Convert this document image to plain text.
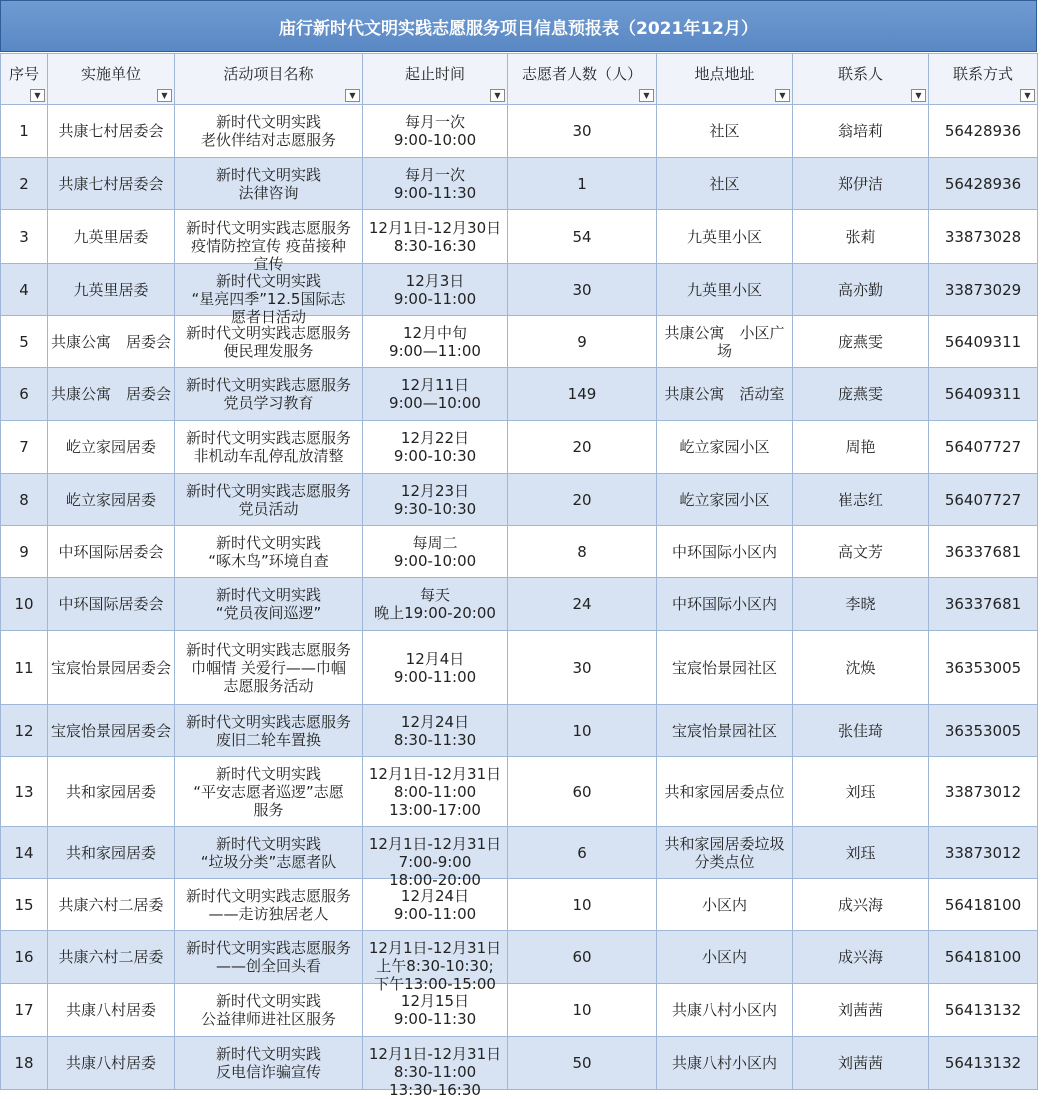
庙行新时代文明实践志愿服务项目信息预报表（2021年12月）
序号
▼	实施单位
▼	活动项目名称
▼	起止时间
▼	志愿者人数（人）
▼	地点地址
▼	联系人
▼	联系方式
▼

1	共康七村居委会	新时代文明实践
老伙伴结对志愿服务	每月一次
9:00-10:00	30	社区	翁培莉	56428936

2	共康七村居委会	新时代文明实践
法律咨询	每月一次
9:00-11:30	1	社区	郑伊洁	56428936

3	九英里居委	新时代文明实践志愿服务
疫情防控宣传 疫苗接种
宣传	12月1日-12月30日
8:30-16:30	54	九英里小区	张莉	33873028

4	九英里居委	新时代文明实践
“星亮四季”12.5国际志
愿者日活动	12月3日
9:00-11:00	30	九英里小区	高亦勤	33873029

5	共康公寓　居委会	新时代文明实践志愿服务
便民理发服务	12月中旬
9:00—11:00	9	共康公寓　小区广
场	庞燕雯	56409311

6	共康公寓　居委会	新时代文明实践志愿服务
党员学习教育	12月11日
9:00—10:00	149	共康公寓　活动室	庞燕雯	56409311

7	屹立家园居委	新时代文明实践志愿服务
非机动车乱停乱放清整	12月22日
9:00-10:30	20	屹立家园小区	周艳	56407727

8	屹立家园居委	新时代文明实践志愿服务
党员活动	12月23日
9:30-10:30	20	屹立家园小区	崔志红	56407727

9	中环国际居委会	新时代文明实践
“啄木鸟”环境自查	每周二
9:00-10:00	8	中环国际小区内	高文芳	36337681

10	中环国际居委会	新时代文明实践
“党员夜间巡逻”	每天
晚上19:00-20:00	24	中环国际小区内	李晓	36337681

11	宝宸怡景园居委会	新时代文明实践志愿服务
巾帼情 关爱行——巾帼
志愿服务活动	12月4日
9:00-11:00	30	宝宸怡景园社区	沈焕	36353005

12	宝宸怡景园居委会	新时代文明实践志愿服务
废旧二轮车置换	12月24日
8:30-11:30	10	宝宸怡景园社区	张佳琦	36353005

13	共和家园居委	新时代文明实践
“平安志愿者巡逻”志愿
服务	12月1日-12月31日
8:00-11:00
13:00-17:00	60	共和家园居委点位	刘珏	33873012

14	共和家园居委	新时代文明实践
“垃圾分类”志愿者队	12月1日-12月31日
7:00-9:00
18:00-20:00	6	共和家园居委垃圾
分类点位	刘珏	33873012

15	共康六村二居委	新时代文明实践志愿服务
——走访独居老人	12月24日
9:00-11:00	10	小区内	成兴海	56418100

16	共康六村二居委	新时代文明实践志愿服务
——创全回头看	12月1日-12月31日
上午8:30-10:30;
下午13:00-15:00	60	小区内	成兴海	56418100

17	共康八村居委	新时代文明实践
公益律师进社区服务	12月15日
9:00-11:30	10	共康八村小区内	刘茜茜	56413132

18	共康八村居委	新时代文明实践
反电信诈骗宣传	12月1日-12月31日
8:30-11:00
13:30-16:30	50	共康八村小区内	刘茜茜	56413132
